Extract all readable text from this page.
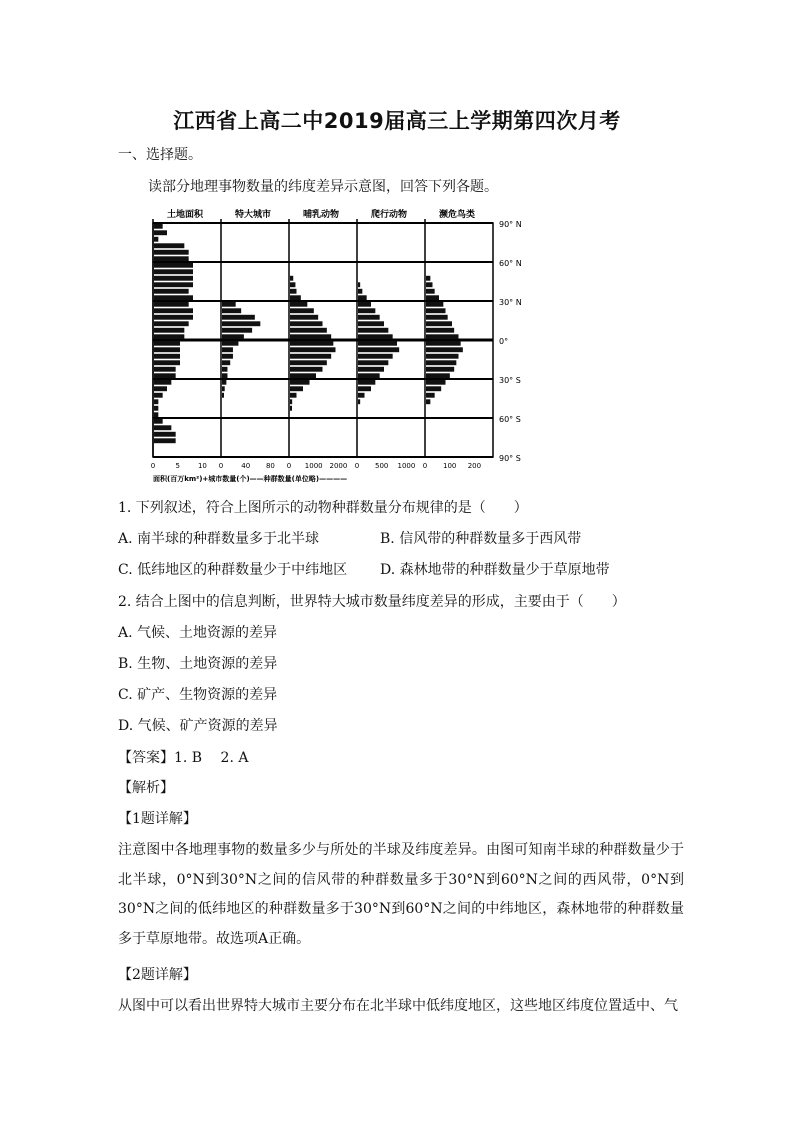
江西省上高二中2019届高三上学期第四次月考
一、选择题。
读部分地理事物数量的纬度差异示意图，回答下列各题。
90° N
60° N
30° N
0°
30° S
60° S
90° S
土地面积
0	5	10
特大城市
0	40 80
哺乳动物
0 1000 2000
爬行动物
0 500 1000
濒危鸟类
0 100 200
面积(百万km²)+城市数量(个)——种群数量(单位略)————
1. 下列叙述，符合上图所示的动物种群数量分布规律的是（　　）
A. 南半球的种群数量多于北半球	B. 信风带的种群数量多于西风带
C. 低纬地区的种群数量少于中纬地区 D. 森林地带的种群数量少于草原地带
2. 结合上图中的信息判断，世界特大城市数量纬度差异的形成，主要由于（　　）
A. 气候、土地资源的差异
B. 生物、土地资源的差异
C. 矿产、生物资源的差异
D. 气候、矿产资源的差异
【答案】1. B　 2. A
【解析】
【1题详解】
注意图中各地理事物的数量多少与所处的半球及纬度差异。由图可知南半球的种群数量少于北半球，0°N到30°N之间的信风带的种群数量多于30°N到60°N之间的西风带，0°N到30°N之间的低纬地区的种群数量多于30°N到60°N之间的中纬地区，森林地带的种群数量多于草原地带。故选项A正确。
【2题详解】
从图中可以看出世界特大城市主要分布在北半球中低纬度地区，这些地区纬度位置适中、气
